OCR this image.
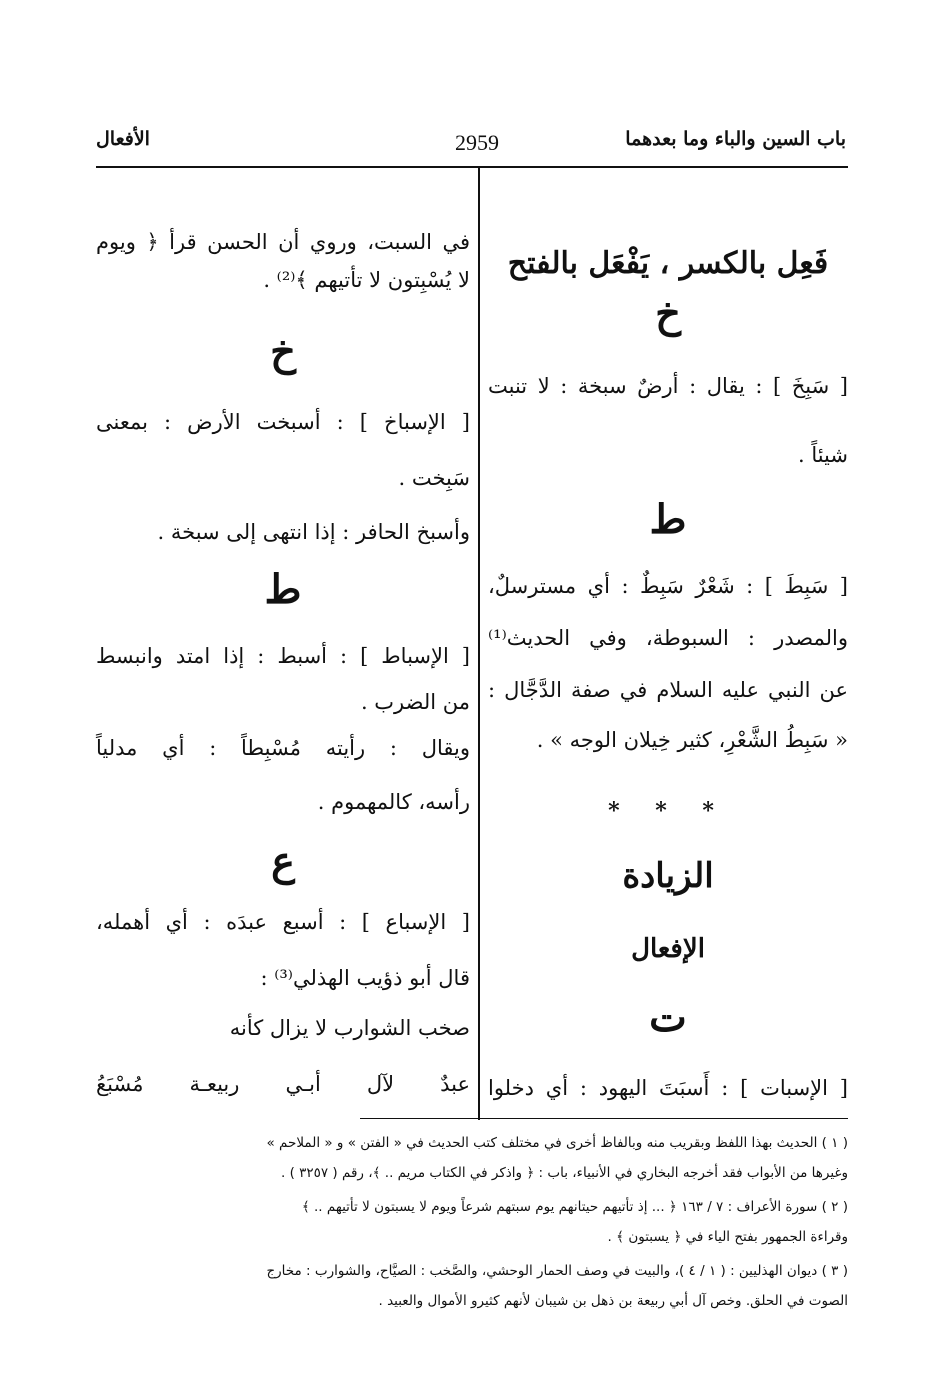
باب السين والباء وما بعدهما
2959
الأفعال
فَعِل بالكسر ، يَفْعَل بالفتح
خ
[ سَبِخَ ] : يقال : أرضٌ سبخة : لا تنبت
شيئاً .
ط
[ سَبِطَ ] : شَعْرٌ سَبِطٌ : أي مسترسلٌ،
والمصدر : السبوطة، وفي الحديث⁽¹⁾
عن النبي عليه السلام في صفة الدَّجَّال :
« سَبِطُ الشَّعْرِ، كثير خِيلان الوجه » .
* * *
الزيادة
الإفعال
ت
[ الإسبات ] : أَسبَتَ اليهود : أي دخلوا
في السبت، وروي أن الحسن قرأ ﴿ ويوم
لا يُسْبِتون لا تأتيهم ﴾⁽²⁾ .
خ
[ الإسباخ ] : أسبخت الأرض : بمعنى
سَبِخت .
وأسبخ الحافر : إذا انتهى إلى سبخة .
ط
[ الإسباط ] : أسبط : إذا امتد وانبسط
من الضرب .
ويقال : رأيته مُسْبِطاً : أي مدلياً
رأسه، كالمهموم .
ع
[ الإسباع ] : أسبع عبدَه : أي أهمله،
قال أبو ذؤيب الهذلي⁽³⁾ :
صخب الشوارب لا يزال كأنه
عبدٌ لآل أبـي ربيعـة مُسْبَعُ
( ١ ) الحديث بهذا اللفظ وبقريب منه وبالفاظ أخرى في مختلف كتب الحديث في « الفتن » و « الملاحم »
وغيرها من الأبواب فقد أخرجه البخاري في الأنبياء، باب : ﴿ واذكر في الكتاب مريم .. ﴾، رقم ( ٣٢٥٧ ) .
( ٢ ) سورة الأعراف : ٧ / ١٦٣ ﴿ ... إذ تأتيهم حيتانهم يوم سبتهم شرعاً ويوم لا يسبتون لا تأتيهم .. ﴾
وقراءة الجمهور بفتح الياء في ﴿ يسبتون ﴾ .
( ٣ ) ديوان الهذليين : ( ١ / ٤ )، والبيت في وصف الحمار الوحشي، والصَّخب : الصيَّاح، والشوارب : مخارج
الصوت في الحلق. وخص آل أبي ربيعة بن ذهل بن شيبان لأنهم كثيرو الأموال والعبيد .
